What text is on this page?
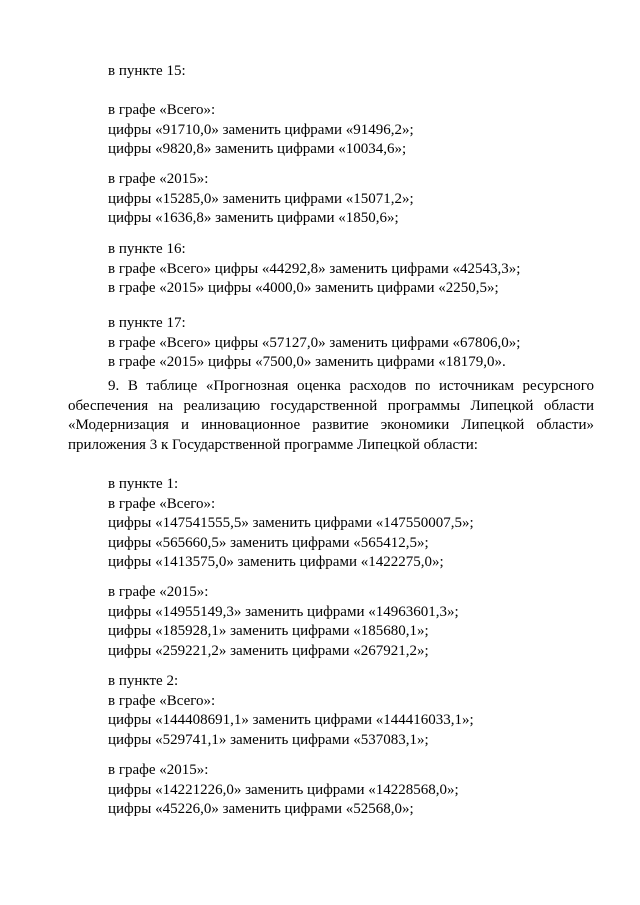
в пункте 15:
в графе «Всего»:
цифры «91710,0» заменить цифрами «91496,2»;
цифры «9820,8» заменить цифрами «10034,6»;
в графе «2015»:
цифры «15285,0» заменить цифрами «15071,2»;
цифры «1636,8» заменить цифрами «1850,6»;
в пункте 16:
в графе «Всего» цифры «44292,8» заменить цифрами «42543,3»;
в графе «2015» цифры «4000,0» заменить цифрами «2250,5»;
в пункте 17:
в графе «Всего» цифры «57127,0» заменить цифрами «67806,0»;
в графе «2015» цифры «7500,0» заменить цифрами «18179,0».
9. В таблице «Прогнозная оценка расходов по источникам ресурсного
обеспечения на реализацию государственной программы Липецкой области
«Модернизация и инновационное развитие экономики Липецкой области»
приложения 3 к Государственной программе Липецкой области:
в пункте 1:
в графе «Всего»:
цифры «147541555,5» заменить цифрами «147550007,5»;
цифры «565660,5» заменить цифрами «565412,5»;
цифры «1413575,0» заменить цифрами «1422275,0»;
в графе «2015»:
цифры «14955149,3» заменить цифрами «14963601,3»;
цифры «185928,1» заменить цифрами «185680,1»;
цифры «259221,2» заменить цифрами «267921,2»;
в пункте 2:
в графе «Всего»:
цифры «144408691,1» заменить цифрами «144416033,1»;
цифры «529741,1» заменить цифрами «537083,1»;
в графе «2015»:
цифры «14221226,0» заменить цифрами «14228568,0»;
цифры «45226,0» заменить цифрами «52568,0»;
